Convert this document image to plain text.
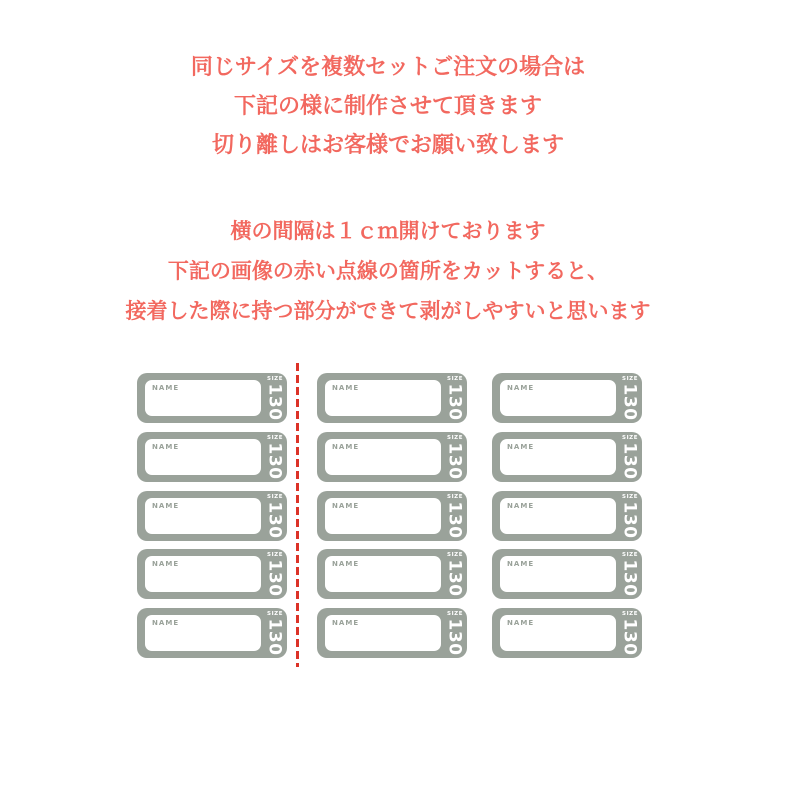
同じサイズを複数セットご注文の場合は

下記の様に制作させて頂きます

切り離しはお客様でお願い致します

横の間隔は１ｃｍ開けております

下記の画像の赤い点線の箇所をカットすると、

接着した際に持つ部分ができて剥がしやすいと思います

NAME
SIZE
130
NAME
SIZE
130
NAME
SIZE
130
NAME
SIZE
130
NAME
SIZE
130
NAME
SIZE
130
NAME
SIZE
130
NAME
SIZE
130
NAME
SIZE
130
NAME
SIZE
130
NAME
SIZE
130
NAME
SIZE
130
NAME
SIZE
130
NAME
SIZE
130
NAME
SIZE
130
